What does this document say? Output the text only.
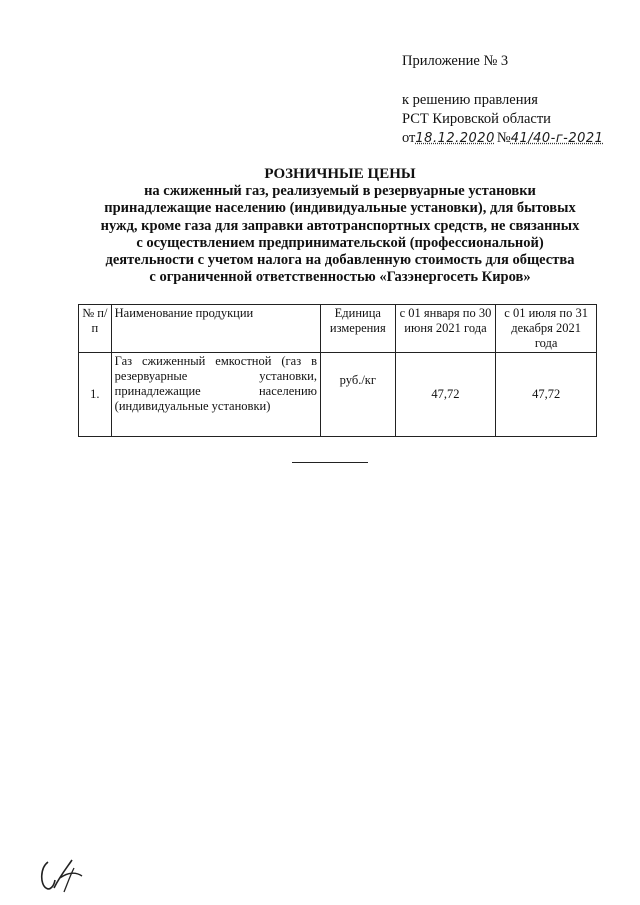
Приложение № 3
к решению правления
РСТ Кировской области
от 18.12.2020 № 41/40-г-2021
РОЗНИЧНЫЕ ЦЕНЫ
на сжиженный газ, реализуемый в резервуарные установки
принадлежащие населению (индивидуальные установки), для бытовых
нужд, кроме газа для заправки автотранспортных средств, не связанных
с осуществлением предпринимательской (профессиональной)
деятельности с учетом налога на добавленную стоимость для общества
с ограниченной ответственностью «Газэнергосеть Киров»
№ п/п	Наименование продукции	Единица измерения	с 01 января по 30 июня 2021 года	с 01 июля по 31 декабря 2021 года
1.	Газ сжиженный емкостной (газ в резервуарные установки, принадлежащие населению (индивидуальные установки)	руб./кг	47,72	47,72
